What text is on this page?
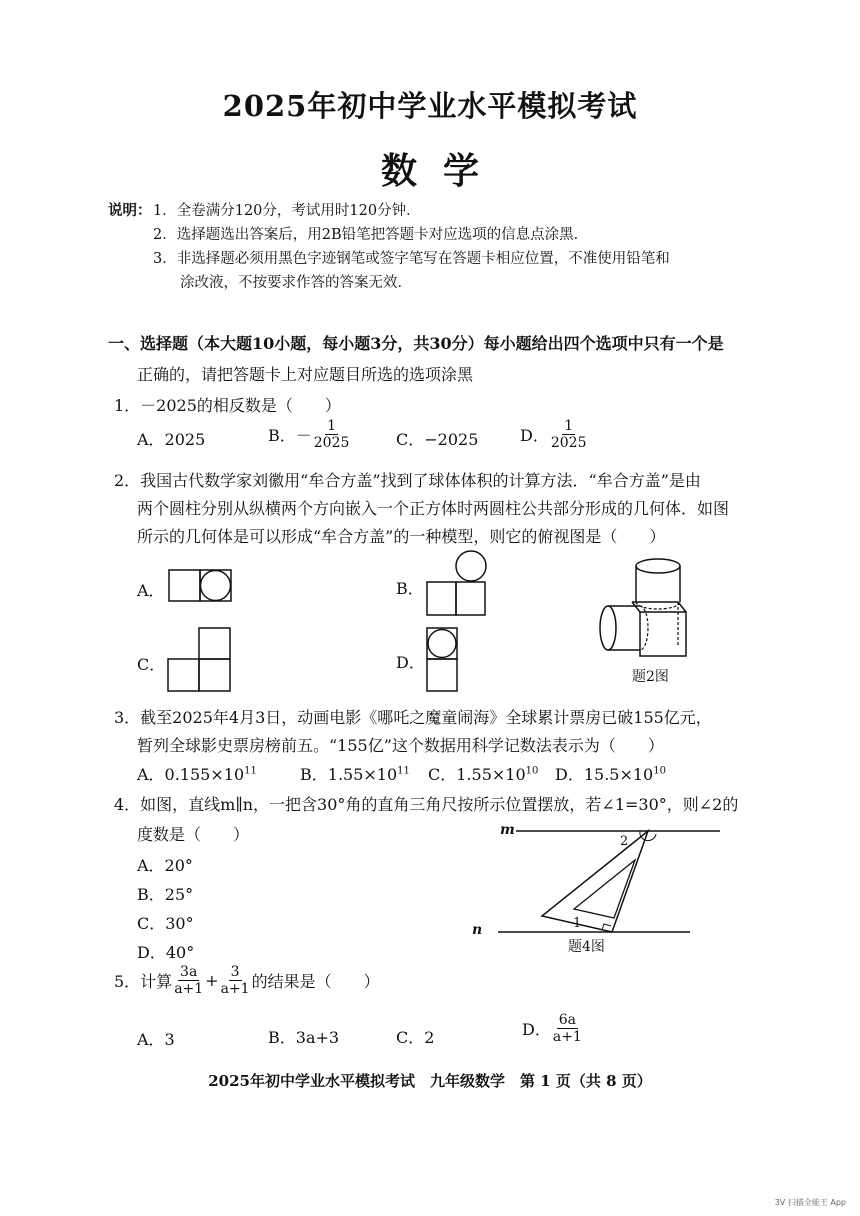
2025年初中学业水平模拟考试
数学
说明： 1．全卷满分120分，考试用时120分钟．
2．选择题选出答案后，用2B铅笔把答题卡对应选项的信息点涂黑．
3．非选择题必须用黑色字迹钢笔或签字笔写在答题卡相应位置，不准使用铅笔和
涂改液，不按要求作答的答案无效．
一、选择题（本大题10小题，每小题3分，共30分）每小题给出四个选项中只有一个是
正确的，请把答题卡上对应题目所选的选项涂黑
1．－2025的相反数是（　　）
A．2025	B．－ $\frac{1}{2025}$	C．−2025	D． $\frac{1}{2025}$
2．我国古代数学家刘徽用“牟合方盖”找到了球体体积的计算方法．“牟合方盖”是由
两个圆柱分别从纵横两个方向嵌入一个正方体时两圆柱公共部分形成的几何体．如图
所示的几何体是可以形成“牟合方盖”的一种模型，则它的俯视图是（　　）
A．	B．
C．	D．
题2图
3．截至2025年4月3日，动画电影《哪吒之魔童闹海》全球累计票房已破155亿元，
暂列全球影史票房榜前五。“155亿”这个数据用科学记数法表示为（　　）
A．$0.155\times 10^{11}$	B．$1.55\times 10^{11}$ C．$1.55\times 10^{10}$ D．$15.5\times 10^{10}$
4．如图，直线m∥n，一把含30°角的直角三角尺按所示位置摆放，若∠1=30°，则∠2的
度数是（　　）
A．20°
B．25°
C．30°
D．40°
m
n
2
1
题4图
5．计算 $\frac{3a}{a+1} + \frac{3}{a+1}$ 的结果是（　　）
A．3	B．3a+3	C．2	D． $\frac{6a}{a+1}$
2025年初中学业水平模拟考试　九年级数学　第 1 页（共 8 页）
3V 扫描全能王 App
